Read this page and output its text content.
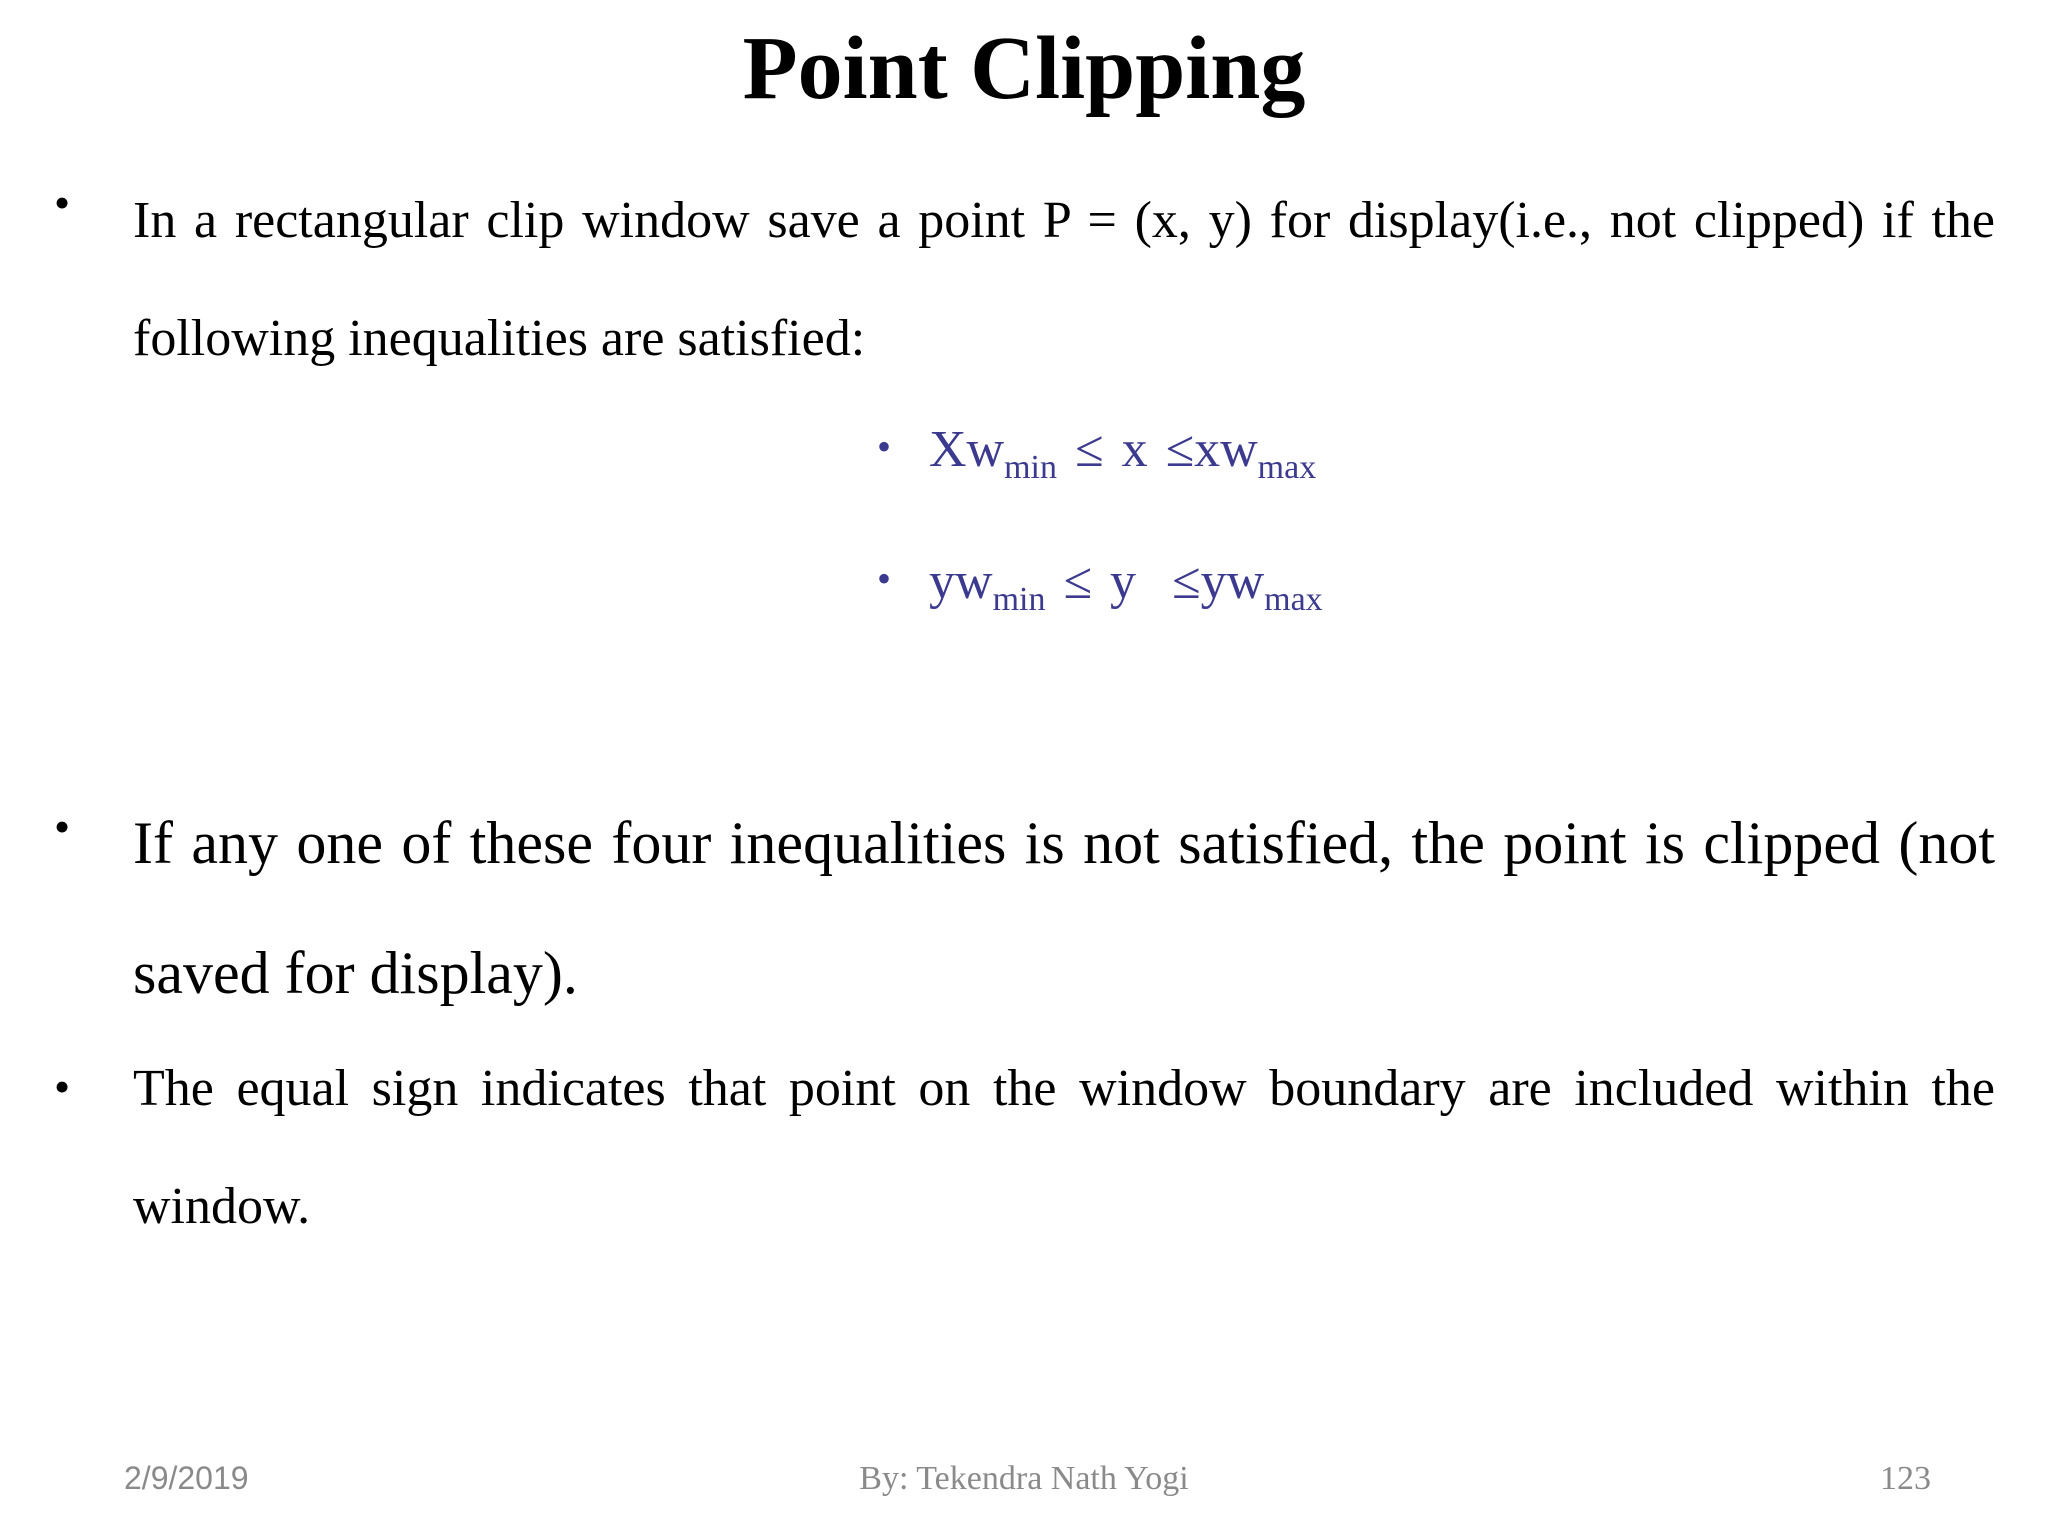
Point Clipping
• In a rectangular clip window save a point P = (x, y) for display(i.e., not clipped) if the following inequalities are satisfied:
• $Xw_{min} \le x \le xw_{max}$
• $yw_{min} \le y \le yw_{max}$
• If any one of these four inequalities is not satisfied, the point is clipped (not saved for display).
• The equal sign indicates that point on the window boundary are included within the window.
2/9/2019	By: Tekendra Nath Yogi	123
